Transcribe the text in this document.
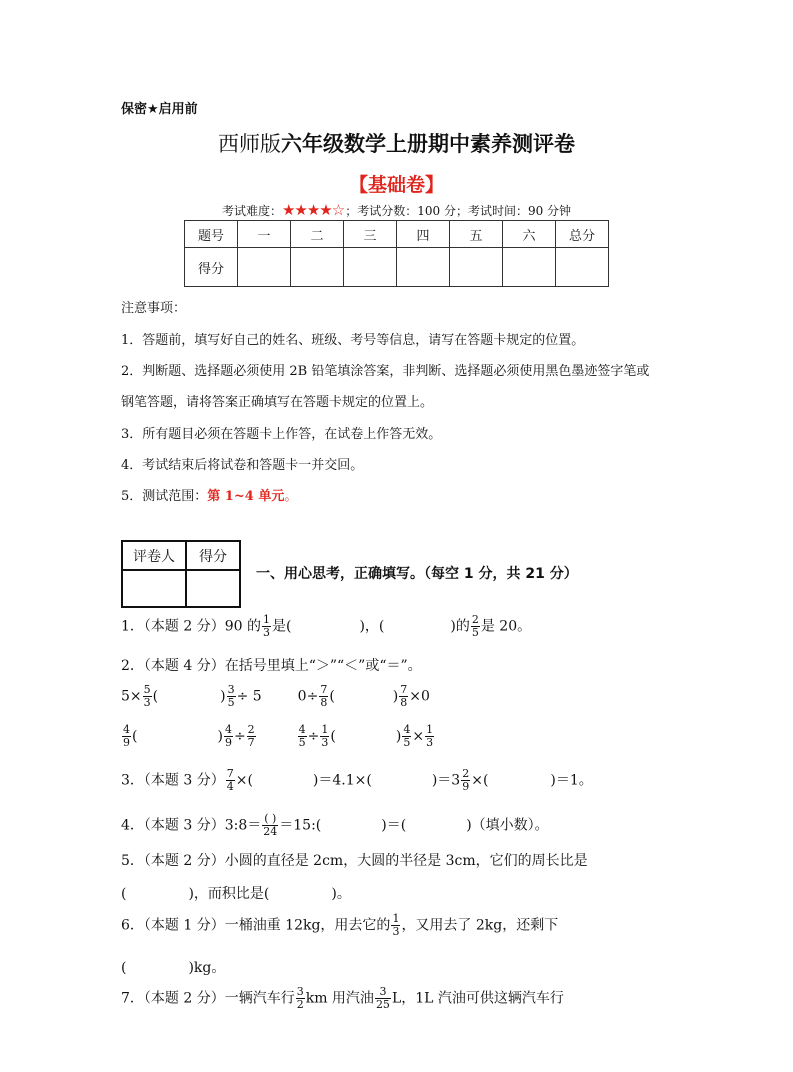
保密★启用前
西师版六年级数学上册期中素养测评卷
【基础卷】
考试难度：★★★★☆；考试分数：100 分；考试时间：90 分钟
题号	一	二	三	四	五	六	总分
得分							
注意事项：
1．答题前，填写好自己的姓名、班级、考号等信息，请写在答题卡规定的位置。
2．判断题、选择题必须使用 2B 铅笔填涂答案，非判断、选择题必须使用黑色墨迹签字笔或
钢笔答题，请将答案正确填写在答题卡规定的位置上。
3．所有题目必须在答题卡上作答，在试卷上作答无效。
4．考试结束后将试卷和答题卡一并交回。
5．测试范围：第 1~4 单元。
评卷人	得分
一、用心思考，正确填写。（每空 1 分，共 21 分）
1．（本题 2 分）90 的 $\frac{1}{3}$ 是(	)，(	)的 $\frac{2}{5}$ 是 20。
2．（本题 4 分）在括号里填上“＞”“＜”或“＝”。
$5\times \frac{5}{3}$ (	) $\frac{3}{5} \div 5$	$0\div \frac{7}{8}$ (	) $\frac{7}{8} \times 0$
$\frac{4}{9}$ (	) $\frac{4}{9} \div \frac{2}{7}$	$\frac{4}{5} \div \frac{1}{3}$ (	) $\frac{4}{5} \times \frac{1}{3}$
3．（本题 3 分） $\frac{7}{4}$ ×(	)＝4.1×(	)$=3 \frac{2}{9}$ ×(	)＝1。
4．（本题 3 分）3:8＝ $\frac{( )}{24}$ ＝15:(	)＝(	)（填小数）。
5．（本题 2 分）小圆的直径是 2cm，大圆的半径是 3cm，它们的周长比是
(	)，而积比是(	)。
6．（本题 1 分）一桶油重 12kg，用去它的 $\frac{1}{3}$ ，又用去了 2kg，还剩下
(	)kg。
7．（本题 2 分）一辆汽车行 $\frac{3}{2}$ km 用汽油 $\frac{3}{25}$ L，1L 汽油可供这辆汽车行
